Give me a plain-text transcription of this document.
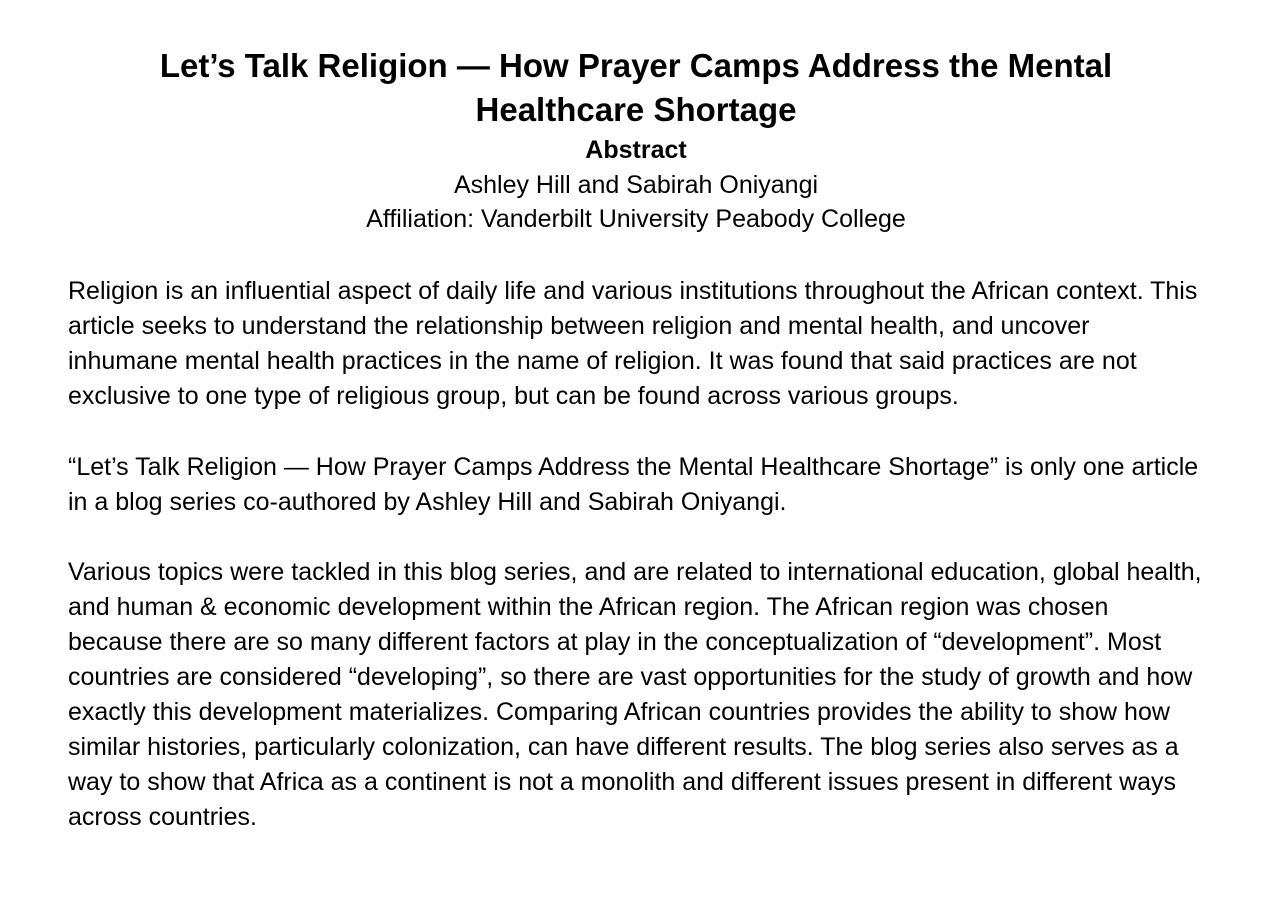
Let’s Talk Religion — How Prayer Camps Address the Mental Healthcare Shortage
Abstract
Ashley Hill and Sabirah Oniyangi
Affiliation: Vanderbilt University Peabody College

Religion is an influential aspect of daily life and various institutions throughout the African context. This article seeks to understand the relationship between religion and mental health, and uncover inhumane mental health practices in the name of religion. It was found that said practices are not exclusive to one type of religious group, but can be found across various groups.

“Let’s Talk Religion — How Prayer Camps Address the Mental Healthcare Shortage” is only one article in a blog series co-authored by Ashley Hill and Sabirah Oniyangi.

Various topics were tackled in this blog series, and are related to international education, global health, and human & economic development within the African region. The African region was chosen because there are so many different factors at play in the conceptualization of “development”. Most countries are considered “developing”, so there are vast opportunities for the study of growth and how exactly this development materializes. Comparing African countries provides the ability to show how similar histories, particularly colonization, can have different results. The blog series also serves as a way to show that Africa as a continent is not a monolith and different issues present in different ways across countries.
